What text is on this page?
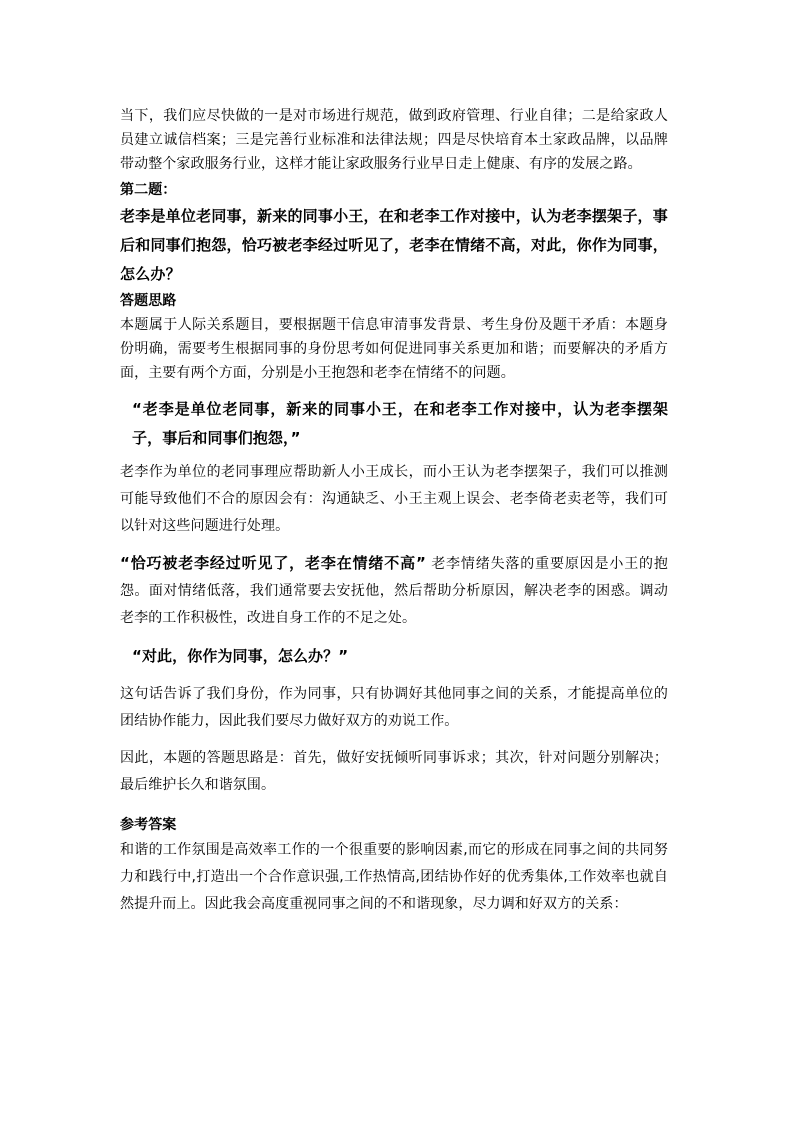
当下，我们应尽快做的一是对市场进行规范，做到政府管理、行业自律；二是给家政人员建立诚信档案；三是完善行业标准和法律法规；四是尽快培育本土家政品牌，以品牌带动整个家政服务行业，这样才能让家政服务行业早日走上健康、有序的发展之路。

第二题：

老李是单位老同事，新来的同事小王，在和老李工作对接中，认为老李摆架子，事后和同事们抱怨，恰巧被老李经过听见了，老李在情绪不高，对此，你作为同事，怎么办？

答题思路

本题属于人际关系题目，要根据题干信息审清事发背景、考生身份及题干矛盾：本题身份明确，需要考生根据同事的身份思考如何促进同事关系更加和谐；而要解决的矛盾方面，主要有两个方面，分别是小王抱怨和老李在情绪不的问题。

“老李是单位老同事，新来的同事小王，在和老李工作对接中，认为老李摆架子，事后和同事们抱怨，”

老李作为单位的老同事理应帮助新人小王成长，而小王认为老李摆架子，我们可以推测可能导致他们不合的原因会有：沟通缺乏、小王主观上误会、老李倚老卖老等，我们可以针对这些问题进行处理。

“恰巧被老李经过听见了，老李在情绪不高” 老李情绪失落的重要原因是小王的抱怨。面对情绪低落，我们通常要去安抚他，然后帮助分析原因，解决老李的困惑。调动老李的工作积极性，改进自身工作的不足之处。

“对此，你作为同事，怎么办？”

这句话告诉了我们身份，作为同事，只有协调好其他同事之间的关系，才能提高单位的团结协作能力，因此我们要尽力做好双方的劝说工作。

因此，本题的答题思路是：首先，做好安抚倾听同事诉求；其次，针对问题分别解决；最后维护长久和谐氛围。

参考答案

和谐的工作氛围是高效率工作的一个很重要的影响因素,而它的形成在同事之间的共同努力和践行中,打造出一个合作意识强,工作热情高,团结协作好的优秀集体,工作效率也就自然提升而上。因此我会高度重视同事之间的不和谐现象，尽力调和好双方的关系：
